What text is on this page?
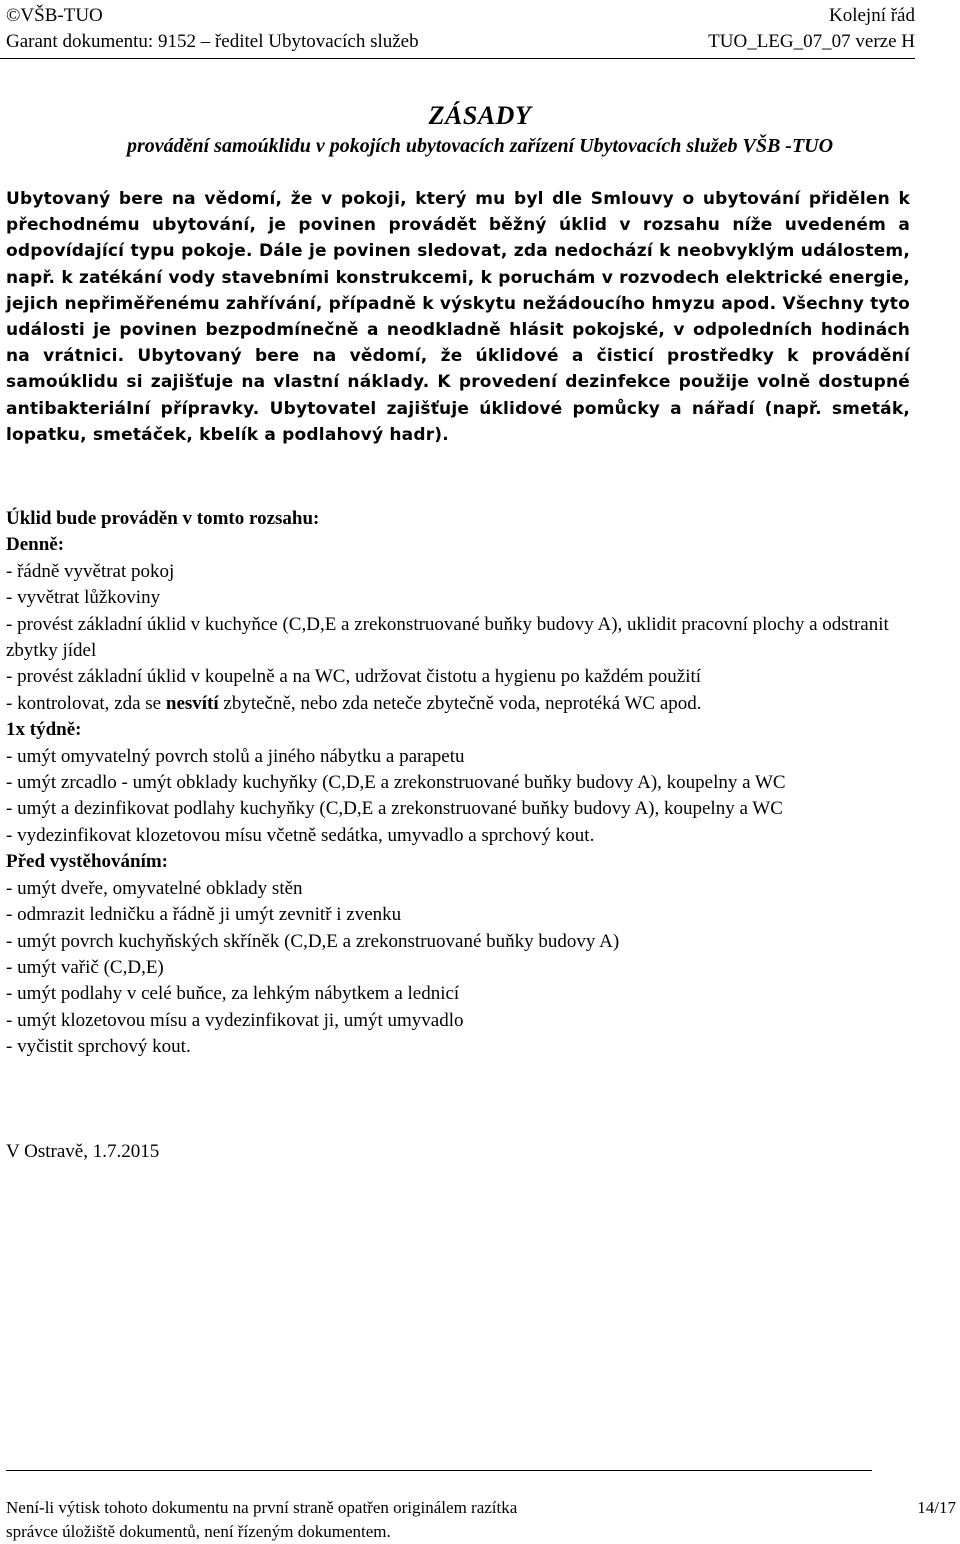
©VŠB-TUO	Kolejní řád
Garant dokumentu: 9152 – ředitel Ubytovacích služeb	TUO_LEG_07_07 verze H
ZÁSADY
provádění samoúklidu v pokojích ubytovacích zařízení Ubytovacích služeb VŠB -TUO
Ubytovaný bere na vědomí, že v pokoji, který mu byl dle Smlouvy o ubytování přidělen k přechodnému ubytování, je povinen provádět běžný úklid v rozsahu níže uvedeném a odpovídající typu pokoje. Dále je povinen sledovat, zda nedochází k neobvyklým událostem, např. k zatékání vody stavebními konstrukcemi, k poruchám v rozvodech elektrické energie, jejich nepřiměřenému zahřívání, případně k výskytu nežádoucího hmyzu apod. Všechny tyto události je povinen bezpodmínečně a neodkladně hlásit pokojské, v odpoledních hodinách na vrátnici. Ubytovaný bere na vědomí, že úklidové a čisticí prostředky k provádění samoúklidu si zajišťuje na vlastní náklady. K provedení dezinfekce použije volně dostupné antibakteriální přípravky. Ubytovatel zajišťuje úklidové pomůcky a nářadí (např. smeták, lopatku, smetáček, kbelík a podlahový hadr).
Úklid bude prováděn v tomto rozsahu:
Denně:
- řádně vyvětrat pokoj
- vyvětrat lůžkoviny
- provést základní úklid v kuchyňce (C,D,E a zrekonstruované buňky budovy A), uklidit pracovní plochy a odstranit zbytky jídel
- provést základní úklid v koupelně a na WC, udržovat čistotu a hygienu po každém použití
- kontrolovat, zda se nesvítí zbytečně, nebo zda neteče zbytečně voda, neprotéká WC apod.
1x týdně:
- umýt omyvatelný povrch stolů a jiného nábytku a parapetu
- umýt zrcadlo - umýt obklady kuchyňky (C,D,E a zrekonstruované buňky budovy A), koupelny a WC
- umýt a dezinfikovat podlahy kuchyňky (C,D,E a zrekonstruované buňky budovy A), koupelny a WC
- vydezinfikovat klozetovou mísu včetně sedátka, umyvadlo a sprchový kout.
Před vystěhováním:
- umýt dveře, omyvatelné obklady stěn
- odmrazit ledničku a řádně ji umýt zevnitř i zvenku
- umýt povrch kuchyňských skříněk (C,D,E a zrekonstruované buňky budovy A)
- umýt vařič (C,D,E)
- umýt podlahy v celé buňce, za lehkým nábytkem a lednicí
- umýt klozetovou mísu a vydezinfikovat ji, umýt umyvadlo
- vyčistit sprchový kout.
V Ostravě, 1.7.2015
Není-li výtisk tohoto dokumentu na první straně opatřen originálem razítka	14/17
správce úložiště dokumentů, není řízeným dokumentem.
